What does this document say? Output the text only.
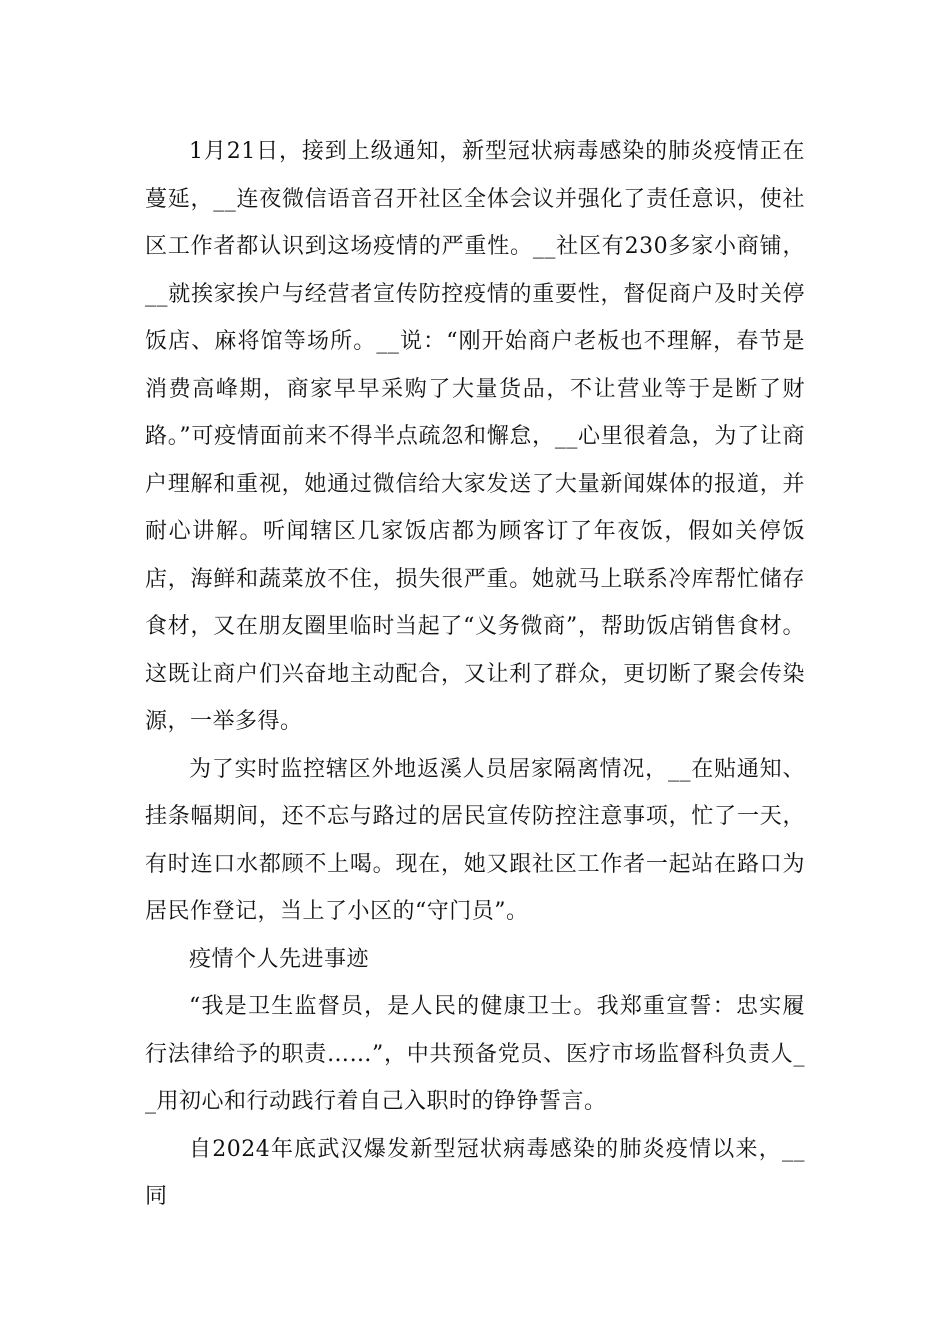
1月21日，接到上级通知，新型冠状病毒感染的肺炎疫情正在蔓延，__连夜微信语音召开社区全体会议并强化了责任意识，使社区工作者都认识到这场疫情的严重性。__社区有230多家小商铺，__就挨家挨户与经营者宣传防控疫情的重要性，督促商户及时关停饭店、麻将馆等场所。__说：“刚开始商户老板也不理解，春节是消费高峰期，商家早早采购了大量货品，不让营业等于是断了财路。”可疫情面前来不得半点疏忽和懈怠，__心里很着急，为了让商户理解和重视，她通过微信给大家发送了大量新闻媒体的报道，并耐心讲解。听闻辖区几家饭店都为顾客订了年夜饭，假如关停饭店，海鲜和蔬菜放不住，损失很严重。她就马上联系冷库帮忙储存食材，又在朋友圈里临时当起了“义务微商”，帮助饭店销售食材。这既让商户们兴奋地主动配合，又让利了群众，更切断了聚会传染源，一举多得。

为了实时监控辖区外地返溪人员居家隔离情况，__在贴通知、挂条幅期间，还不忘与路过的居民宣传防控注意事项，忙了一天，有时连口水都顾不上喝。现在，她又跟社区工作者一起站在路口为居民作登记，当上了小区的“守门员”。

疫情个人先进事迹

“我是卫生监督员，是人民的健康卫士。我郑重宣誓：忠实履行法律给予的职责……”，中共预备党员、医疗市场监督科负责人__用初心和行动践行着自己入职时的铮铮誓言。

自2024年底武汉爆发新型冠状病毒感染的肺炎疫情以来，__同
